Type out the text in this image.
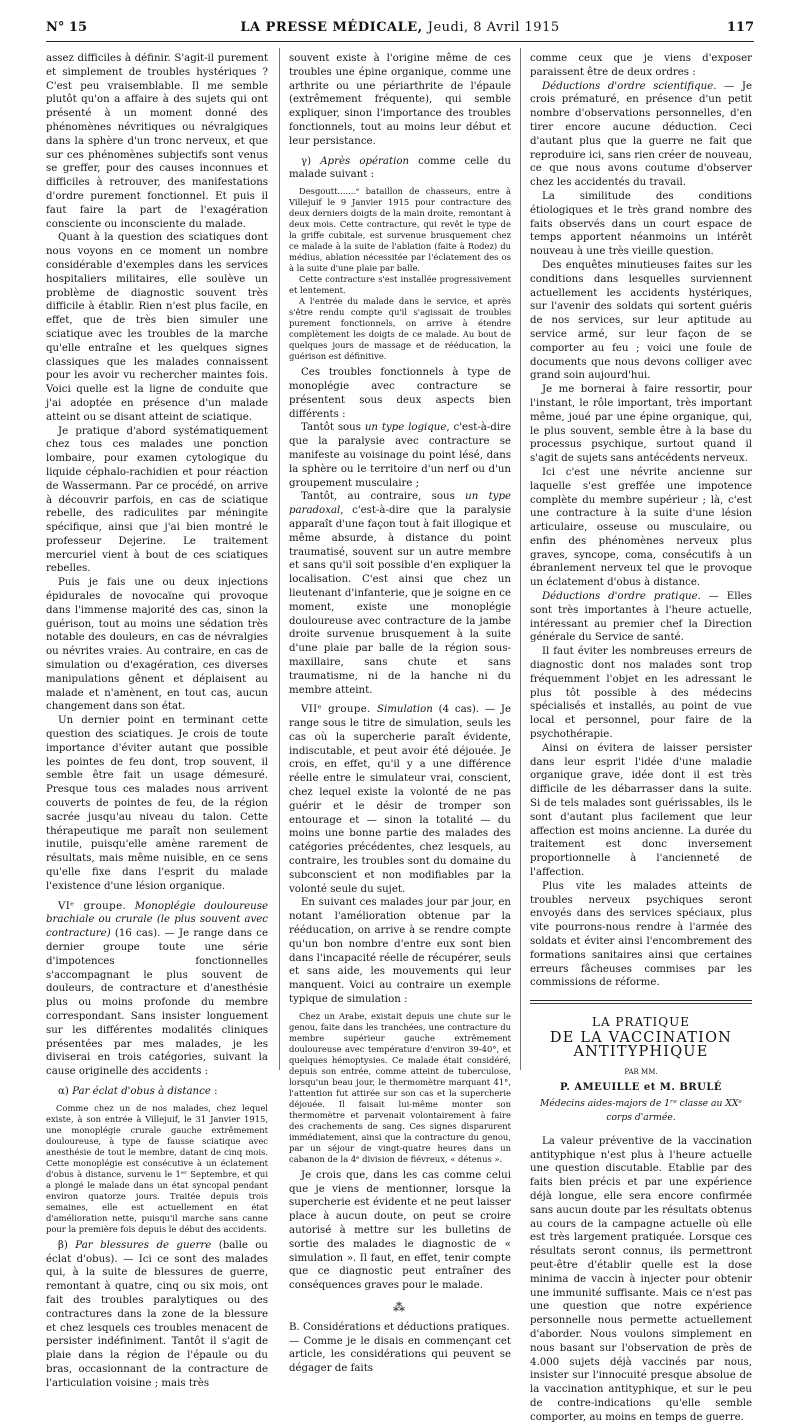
N° 15	LA PRESSE MÉDICALE, Jeudi, 8 Avril 1915	117

assez difficiles à définir. S'agit-il purement et simplement de troubles hystériques ? C'est peu vraisemblable. Il me semble plutôt qu'on a affaire à des sujets qui ont présenté à un moment donné des phénomènes névritiques ou névralgiques dans la sphère d'un tronc nerveux, et que sur ces phénomènes subjectifs sont venus se greffer, pour des causes inconnues et difficiles à retrouver, des manifestations d'ordre purement fonctionnel. Et puis il faut faire la part de l'exagération consciente ou inconsciente du malade.

Quant à la question des sciatiques dont nous voyons en ce moment un nombre considérable d'exemples dans les services hospitaliers militaires, elle soulève un problème de diagnostic souvent très difficile à établir. Rien n'est plus facile, en effet, que de très bien simuler une sciatique avec les troubles de la marche qu'elle entraîne et les quelques signes classiques que les malades connaissent pour les avoir vu rechercher maintes fois. Voici quelle est la ligne de conduite que j'ai adoptée en présence d'un malade atteint ou se disant atteint de sciatique.

Je pratique d'abord systématiquement chez tous ces malades une ponction lombaire, pour examen cytologique du liquide céphalo-rachidien et pour réaction de Wassermann. Par ce procédé, on arrive à découvrir parfois, en cas de sciatique rebelle, des radiculites par méningite spécifique, ainsi que j'ai bien montré le professeur Dejerine. Le traitement mercuriel vient à bout de ces sciatiques rebelles.

Puis je fais une ou deux injections épidurales de novocaïne qui provoque dans l'immense majorité des cas, sinon la guérison, tout au moins une sédation très notable des douleurs, en cas de névralgies ou névrites vraies. Au contraire, en cas de simulation ou d'exagération, ces diverses manipulations gênent et déplaisent au malade et n'amènent, en tout cas, aucun changement dans son état.

Un dernier point en terminant cette question des sciatiques. Je crois de toute importance d'éviter autant que possible les pointes de feu dont, trop souvent, il semble être fait un usage démesuré. Presque tous ces malades nous arrivent couverts de pointes de feu, de la région sacrée jusqu'au niveau du talon. Cette thérapeutique me paraît non seulement inutile, puisqu'elle amène rarement de résultats, mais même nuisible, en ce sens qu'elle fixe dans l'esprit du malade l'existence d'une lésion organique.

VIᵉ groupe. Monoplégie douloureuse brachiale ou crurale (le plus souvent avec contracture) (16 cas). — Je range dans ce dernier groupe toute une série d'impotences fonctionnelles s'accompagnant le plus souvent de douleurs, de contracture et d'anesthésie plus ou moins profonde du membre correspondant. Sans insister longuement sur les différentes modalités cliniques présentées par mes malades, je les diviserai en trois catégories, suivant la cause originelle des accidents :

α) Par éclat d'obus à distance :

Comme chez un de nos malades, chez lequel existe, à son entrée à Villejuif, le 31 Janvier 1915, une monoplégie crurale gauche extrêmement douloureuse, à type de fausse sciatique avec anesthésie de tout le membre, datant de cinq mois. Cette monoplégie est consécutive à un éclatement d'obus à distance, survenu le 1ᵉʳ Septembre, et qui a plongé le malade dans un état syncopal pendant environ quatorze jours. Traitée depuis trois semaines, elle est actuellement en état d'amélioration nette, puisqu'il marche sans canne pour la première fois depuis le début des accidents.

β) Par blessures de guerre (balle ou éclat d'obus). — Ici ce sont des malades qui, à la suite de blessures de guerre, remontant à quatre, cinq ou six mois, ont fait des troubles paralytiques ou des contractures dans la zone de la blessure et chez lesquels ces troubles menacent de persister indéfiniment. Tantôt il s'agit de plaie dans la région de l'épaule ou du bras, occasionnant de la contracture de l'articulation voisine ; mais très

souvent existe à l'origine même de ces troubles une épine organique, comme une arthrite ou une périarthrite de l'épaule (extrêmement fréquente), qui semble expliquer, sinon l'importance des troubles fonctionnels, tout au moins leur début et leur persistance.

γ) Après opération comme celle du malade suivant :

Desgoutt.......ᵉ bataillon de chasseurs, entre à Villejuif le 9 Janvier 1915 pour contracture des deux derniers doigts de la main droite, remontant à deux mois. Cette contracture, qui revêt le type de la griffe cubitale, est survenue brusquement chez ce malade à la suite de l'ablation (faite à Rodez) du médius, ablation nécessitée par l'éclatement des os à la suite d'une plaie par balle.

Cette contracture s'est installée progressivement et lentement.

A l'entrée du malade dans le service, et après s'être rendu compte qu'il s'agissait de troubles purement fonctionnels, on arrive à étendre complètement les doigts de ce malade. Au bout de quelques jours de massage et de rééducation, la guérison est définitive.

Ces troubles fonctionnels à type de monoplégie avec contracture se présentent sous deux aspects bien différents :

Tantôt sous un type logique, c'est-à-dire que la paralysie avec contracture se manifeste au voisinage du point lésé, dans la sphère ou le territoire d'un nerf ou d'un groupement musculaire ;

Tantôt, au contraire, sous un type paradoxal, c'est-à-dire que la paralysie apparaît d'une façon tout à fait illogique et même absurde, à distance du point traumatisé, souvent sur un autre membre et sans qu'il soit possible d'en expliquer la localisation. C'est ainsi que chez un lieutenant d'infanterie, que je soigne en ce moment, existe une monoplégie douloureuse avec contracture de la jambe droite survenue brusquement à la suite d'une plaie par balle de la région sous-maxillaire, sans chute et sans traumatisme, ni de la hanche ni du membre atteint.

VIIᵉ groupe. Simulation (4 cas). — Je range sous le titre de simulation, seuls les cas où la supercherie paraît évidente, indiscutable, et peut avoir été déjouée. Je crois, en effet, qu'il y a une différence réelle entre le simulateur vrai, conscient, chez lequel existe la volonté de ne pas guérir et le désir de tromper son entourage et — sinon la totalité — du moins une bonne partie des malades des catégories précédentes, chez lesquels, au contraire, les troubles sont du domaine du subconscient et non modifiables par la volonté seule du sujet.

En suivant ces malades jour par jour, en notant l'amélioration obtenue par la rééducation, on arrive à se rendre compte qu'un bon nombre d'entre eux sont bien dans l'incapacité réelle de récupérer, seuls et sans aide, les mouvements qui leur manquent. Voici au contraire un exemple typique de simulation :

Chez un Arabe, existait depuis une chute sur le genou, faite dans les tranchées, une contracture du membre supérieur gauche extrêmement douloureuse avec température d'environ 39-40°, et quelques hémoptysies. Ce malade était considéré, depuis son entrée, comme atteint de tuberculose, lorsqu'un beau jour, le thermomètre marquant 41°, l'attention fut attirée sur son cas et la supercherie déjouée. Il faisait lui-même monter son thermomètre et parvenait volontairement à faire des crachements de sang. Ces signes disparurent immédiatement, ainsi que la contracture du genou, par un séjour de vingt-quatre heures dans un cabanon de la 4ᵉ division de fiévreux, « détenus ».

Je crois que, dans les cas comme celui que je viens de mentionner, lorsque la supercherie est évidente et ne peut laisser place à aucun doute, on peut se croire autorisé à mettre sur les bulletins de sortie des malades le diagnostic de « simulation ». Il faut, en effet, tenir compte que ce diagnostic peut entraîner des conséquences graves pour le malade.

⁂

B. Considérations et déductions pratiques.

— Comme je le disais en commençant cet article, les considérations qui peuvent se dégager de faits

comme ceux que je viens d'exposer paraissent être de deux ordres :

Déductions d'ordre scientifique. — Je crois prématuré, en présence d'un petit nombre d'observations personnelles, d'en tirer encore aucune déduction. Ceci d'autant plus que la guerre ne fait que reproduire ici, sans rien créer de nouveau, ce que nous avons coutume d'observer chez les accidentés du travail.

La similitude des conditions étiologiques et le très grand nombre des faits observés dans un court espace de temps apportent néanmoins un intérêt nouveau à une très vieille question.

Des enquêtes minutieuses faites sur les conditions dans lesquelles surviennent actuellement les accidents hystériques, sur l'avenir des soldats qui sortent guéris de nos services, sur leur aptitude au service armé, sur leur façon de se comporter au feu ; voici une foule de documents que nous devons colliger avec grand soin aujourd'hui.

Je me bornerai à faire ressortir, pour l'instant, le rôle important, très important même, joué par une épine organique, qui, le plus souvent, semble être à la base du processus psychique, surtout quand il s'agit de sujets sans antécédents nerveux.

Ici c'est une névrite ancienne sur laquelle s'est greffée une impotence complète du membre supérieur ; là, c'est une contracture à la suite d'une lésion articulaire, osseuse ou musculaire, ou enfin des phénomènes nerveux plus graves, syncope, coma, consécutifs à un ébranlement nerveux tel que le provoque un éclatement d'obus à distance.

Déductions d'ordre pratique. — Elles sont très importantes à l'heure actuelle, intéressant au premier chef la Direction générale du Service de santé.

Il faut éviter les nombreuses erreurs de diagnostic dont nos malades sont trop fréquemment l'objet en les adressant le plus tôt possible à des médecins spécialisés et installés, au point de vue local et personnel, pour faire de la psychothérapie.

Ainsi on évitera de laisser persister dans leur esprit l'idée d'une maladie organique grave, idée dont il est très difficile de les débarrasser dans la suite. Si de tels malades sont guérissables, ils le sont d'autant plus facilement que leur affection est moins ancienne. La durée du traitement est donc inversement proportionnelle à l'ancienneté de l'affection.

Plus vite les malades atteints de troubles nerveux psychiques seront envoyés dans des services spéciaux, plus vite pourrons-nous rendre à l'armée des soldats et éviter ainsi l'encombrement des formations sanitaires ainsi que certaines erreurs fâcheuses commises par les commissions de réforme.

LA PRATIQUE
DE LA VACCINATION ANTITYPHIQUE
PAR MM.
P. AMEUILLE et M. BRULÉ
Médecins aides-majors de 1ʳᵉ classe au XXᵉ corps d'armée.

La valeur préventive de la vaccination antityphique n'est plus à l'heure actuelle une question discutable. Etablie par des faits bien précis et par une expérience déjà longue, elle sera encore confirmée sans aucun doute par les résultats obtenus au cours de la campagne actuelle où elle est très largement pratiquée. Lorsque ces résultats seront connus, ils permettront peut-être d'établir quelle est la dose minima de vaccin à injecter pour obtenir une immunité suffisante. Mais ce n'est pas une question que notre expérience personnelle nous permette actuellement d'aborder. Nous voulons simplement en nous basant sur l'observation de près de 4.000 sujets déjà vaccinés par nous, insister sur l'innocuité presque absolue de la vaccination antityphique, et sur le peu de contre-indications qu'elle semble comporter, au moins en temps de guerre.
